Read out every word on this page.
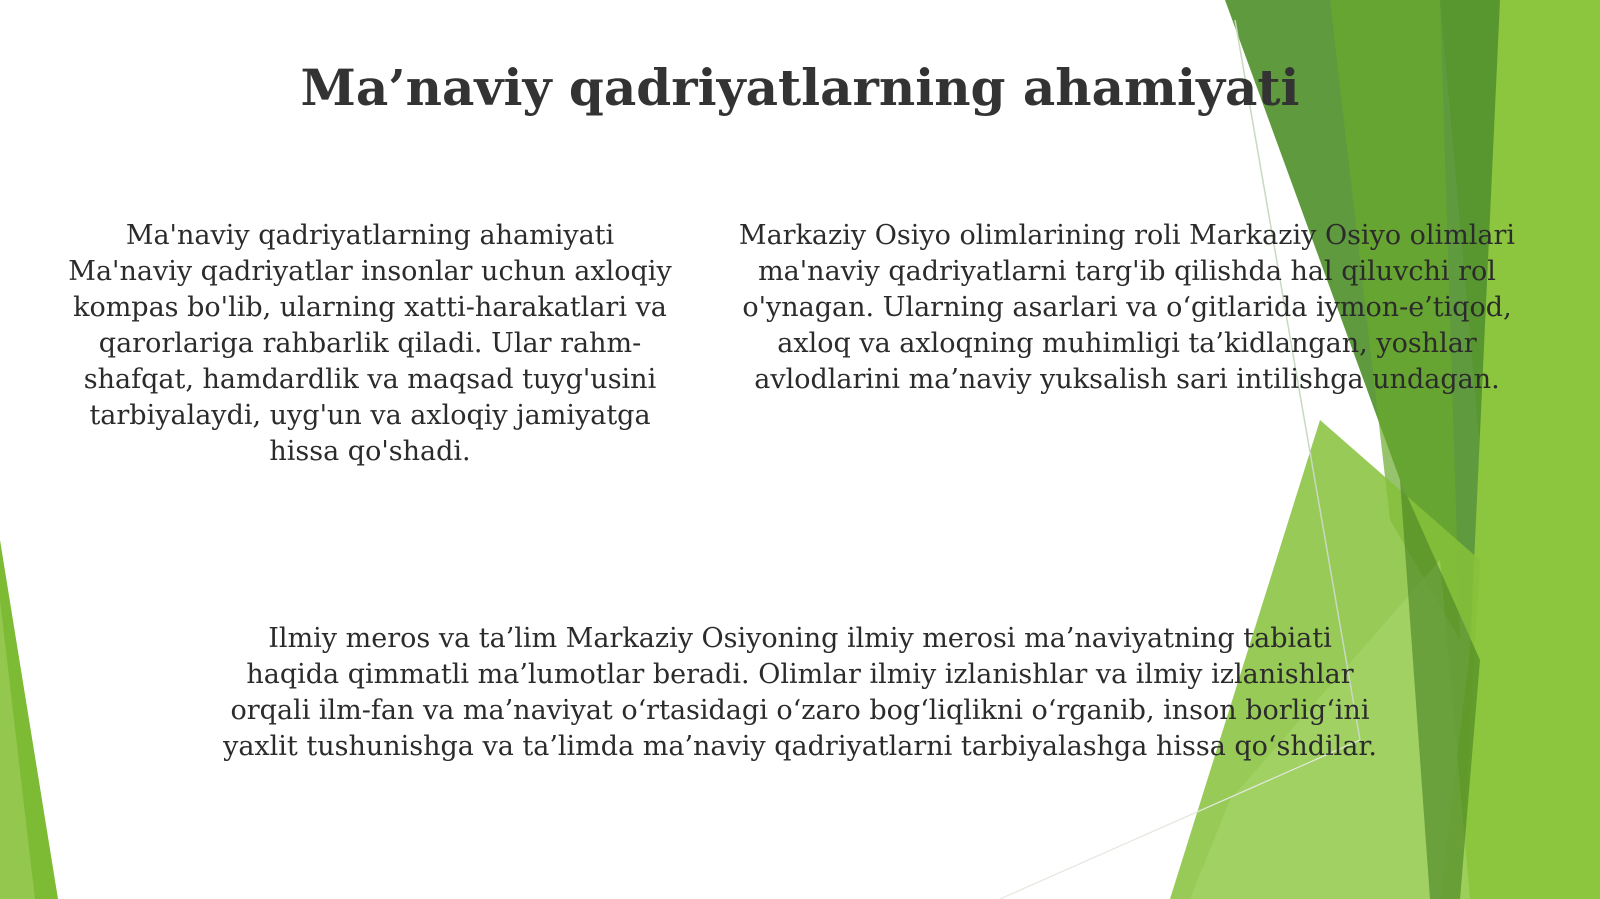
Ma’naviy qadriyatlarning ahamiyati

Ma'naviy qadriyatlarning ahamiyati Ma'naviy qadriyatlar insonlar uchun axloqiy kompas bo'lib, ularning xatti-harakatlari va qarorlariga rahbarlik qiladi. Ular rahm-shafqat, hamdardlik va maqsad tuyg'usini tarbiyalaydi, uyg'un va axloqiy jamiyatga hissa qo'shadi.

Markaziy Osiyo olimlarining roli Markaziy Osiyo olimlari ma'naviy qadriyatlarni targ'ib qilishda hal qiluvchi rol o'ynagan. Ularning asarlari va o‘gitlarida iymon-e’tiqod, axloq va axloqning muhimligi ta’kidlangan, yoshlar avlodlarini ma’naviy yuksalish sari intilishga undagan.

Ilmiy meros va ta’lim Markaziy Osiyoning ilmiy merosi ma’naviyatning tabiati haqida qimmatli ma’lumotlar beradi. Olimlar ilmiy izlanishlar va ilmiy izlanishlar orqali ilm-fan va ma’naviyat o‘rtasidagi o‘zaro bog‘liqlikni o‘rganib, inson borlig‘ini yaxlit tushunishga va ta’limda ma’naviy qadriyatlarni tarbiyalashga hissa qo‘shdilar.
